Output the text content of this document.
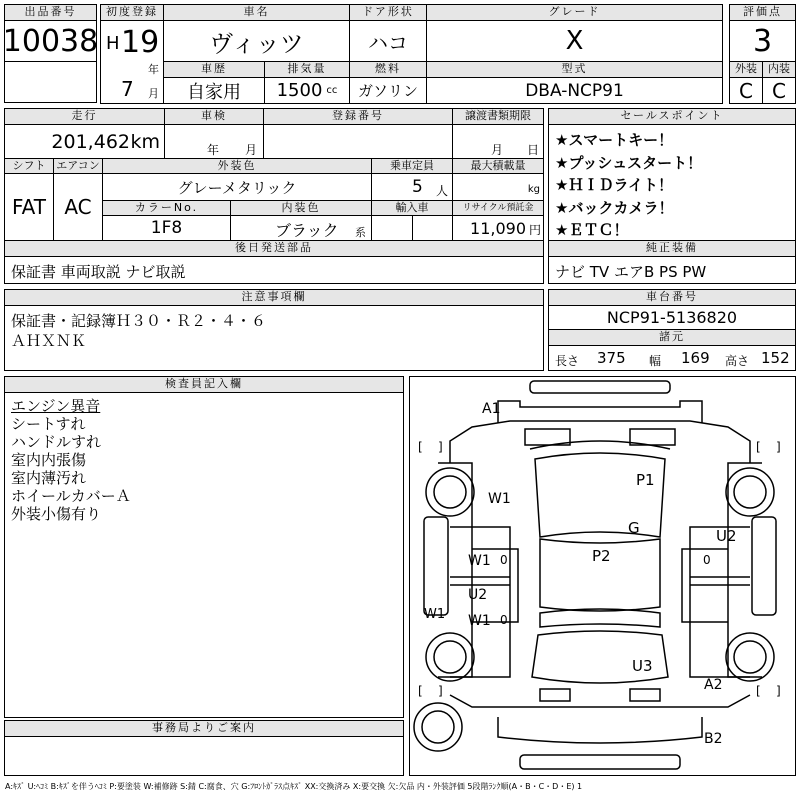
出品番号
10038
初度登録
H 19
年
7 月
車名
ヴィッツ
ドア形状
ハコ
グレード
X
評価点
3
車歴
自家用
排気量
1500 cc
燃料
ガソリン
型式
DBA-NCP91
外装
C
内装
C
走行
201,462 km
車検
年 月
登録番号	譲渡書類期限
月 日
シフト
FAT
エアコン
AC
外装色
グレーメタリック
乗車定員
5 人
最大積載量
kg
カラーNo.
1F8
内装色
ブラック 系
輸入車	リサイクル預託金
11,090 円
後日発送部品
保証書 車両取説 ナビ取説
セールスポイント
★スマートキー！
★プッシュスタート！
★ＨＩＤライト！
★バックカメラ！
★ＥＴＣ！
純正装備
ナビ TV エアB PS PW
注意事項欄
保証書・記録簿Ｈ３０・Ｒ２・４・６
ＡＨＸＮＫ
車台番号
NCP91-5136820
諸元
長さ 375 幅 169 高さ 152
検査員記入欄
エンジン異音
シートすれ
ハンドルすれ
室内内張傷
室内薄汚れ
ホイールカバーＡ
外装小傷有り
事務局よりご案内
[ ]	[ ]
[ ]	[ ]
A1
W1
P1
G	U2
P2
W1 0	0
U2
W1 0
W1
U3
A2
B2
A:ｷｽﾞ U:ﾍｺﾐ B:ｷｽﾞを伴うﾍｺﾐ P:要塗装 W:補修跡 S:錆 C:腐食、穴 G:ﾌﾛﾝﾄｶﾞﾗｽ点ｷｽﾞ XX:交換済み X:要交換 欠:欠品 内・外装評価 5段階ﾗﾝｸ順(A・B・C・D・E) 1
